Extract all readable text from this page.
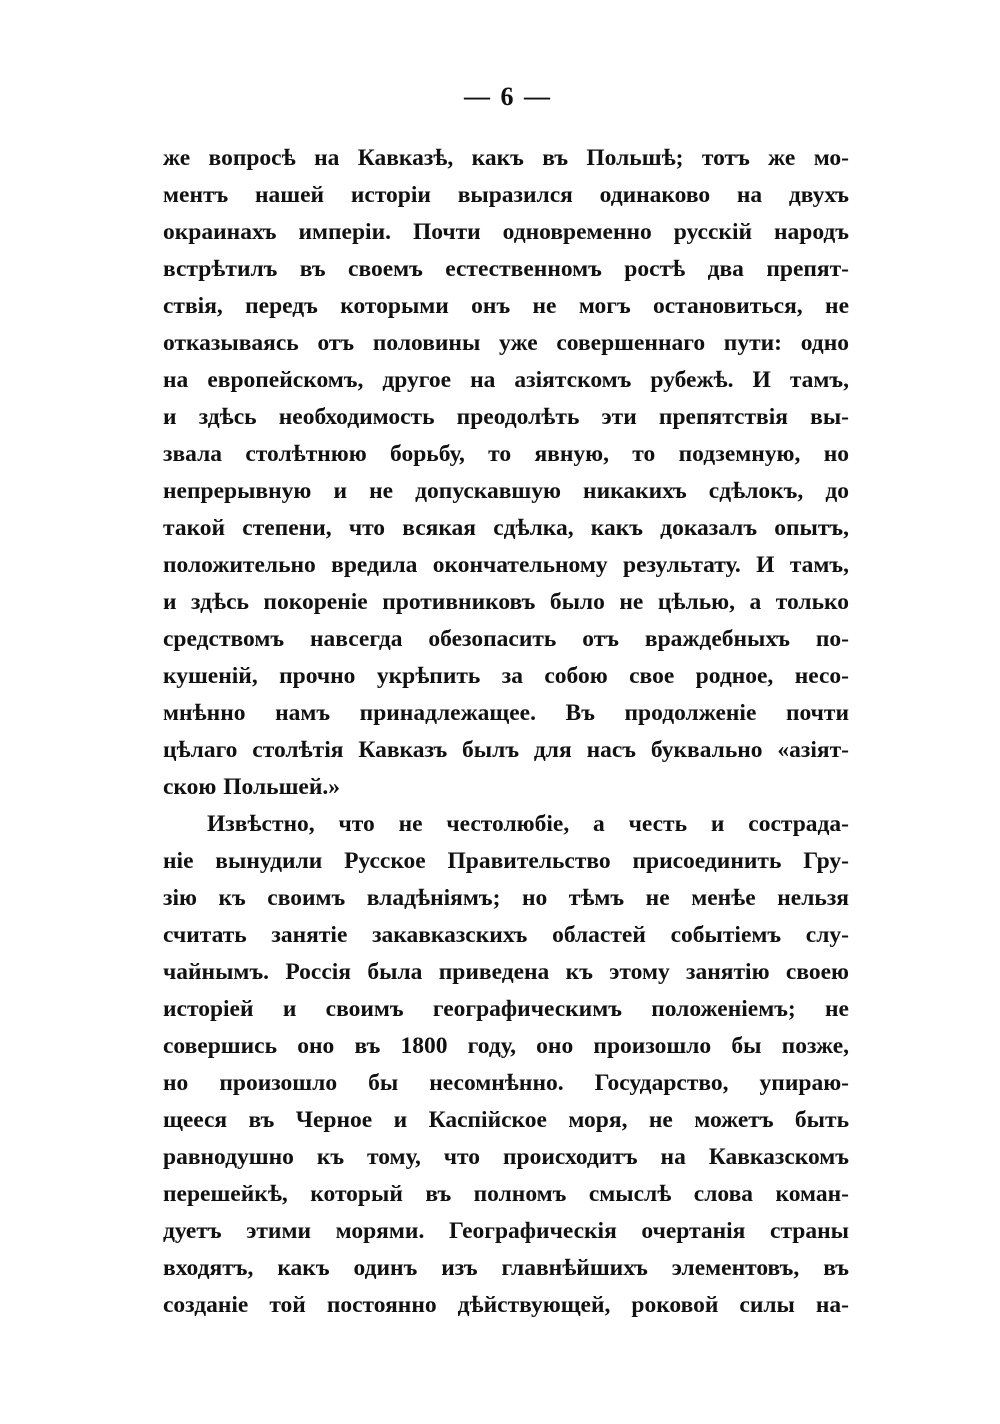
— 6 —
же вопросѣ на Кавказѣ, какъ въ Польшѣ; тотъ же мо-
ментъ нашей исторіи выразился одинаково на двухъ
окраинахъ имперіи. Почти одновременно русскій народъ
встрѣтилъ въ своемъ естественномъ ростѣ два препят-
ствія, передъ которыми онъ не могъ остановиться, не
отказываясь отъ половины уже совершеннаго пути: одно
на европейскомъ, другое на азіятскомъ рубежѣ. И тамъ,
и здѣсь необходимость преодолѣть эти препятствія вы-
звала столѣтнюю борьбу, то явную, то подземную, но
непрерывную и не допускавшую никакихъ сдѣлокъ, до
такой степени, что всякая сдѣлка, какъ доказалъ опытъ,
положительно вредила окончательному результату. И тамъ,
и здѣсь покореніе противниковъ было не цѣлью, а только
средствомъ навсегда обезопасить отъ враждебныхъ по-
кушеній, прочно укрѣпить за собою свое родное, несо-
мнѣнно намъ принадлежащее. Въ продолженіе почти
цѣлаго столѣтія Кавказъ былъ для насъ буквально «азіят-
скою Польшей.»
Извѣстно, что не честолюбіе, а честь и сострада-
ніе вынудили Русское Правительство присоединить Гру-
зію къ своимъ владѣніямъ; но тѣмъ не менѣе нельзя
считать занятіе закавказскихъ областей событіемъ слу-
чайнымъ. Россія была приведена къ этому занятію своею
исторіей и своимъ географическимъ положеніемъ; не
совершись оно въ 1800 году, оно произошло бы позже,
но произошло бы несомнѣнно. Государство, упираю-
щееся въ Черное и Каспійское моря, не можетъ быть
равнодушно къ тому, что происходитъ на Кавказскомъ
перешейкѣ, который въ полномъ смыслѣ слова коман-
дуетъ этими морями. Географическія очертанія страны
входятъ, какъ одинъ изъ главнѣйшихъ элементовъ, въ
созданіе той постоянно дѣйствующей, роковой силы на-
